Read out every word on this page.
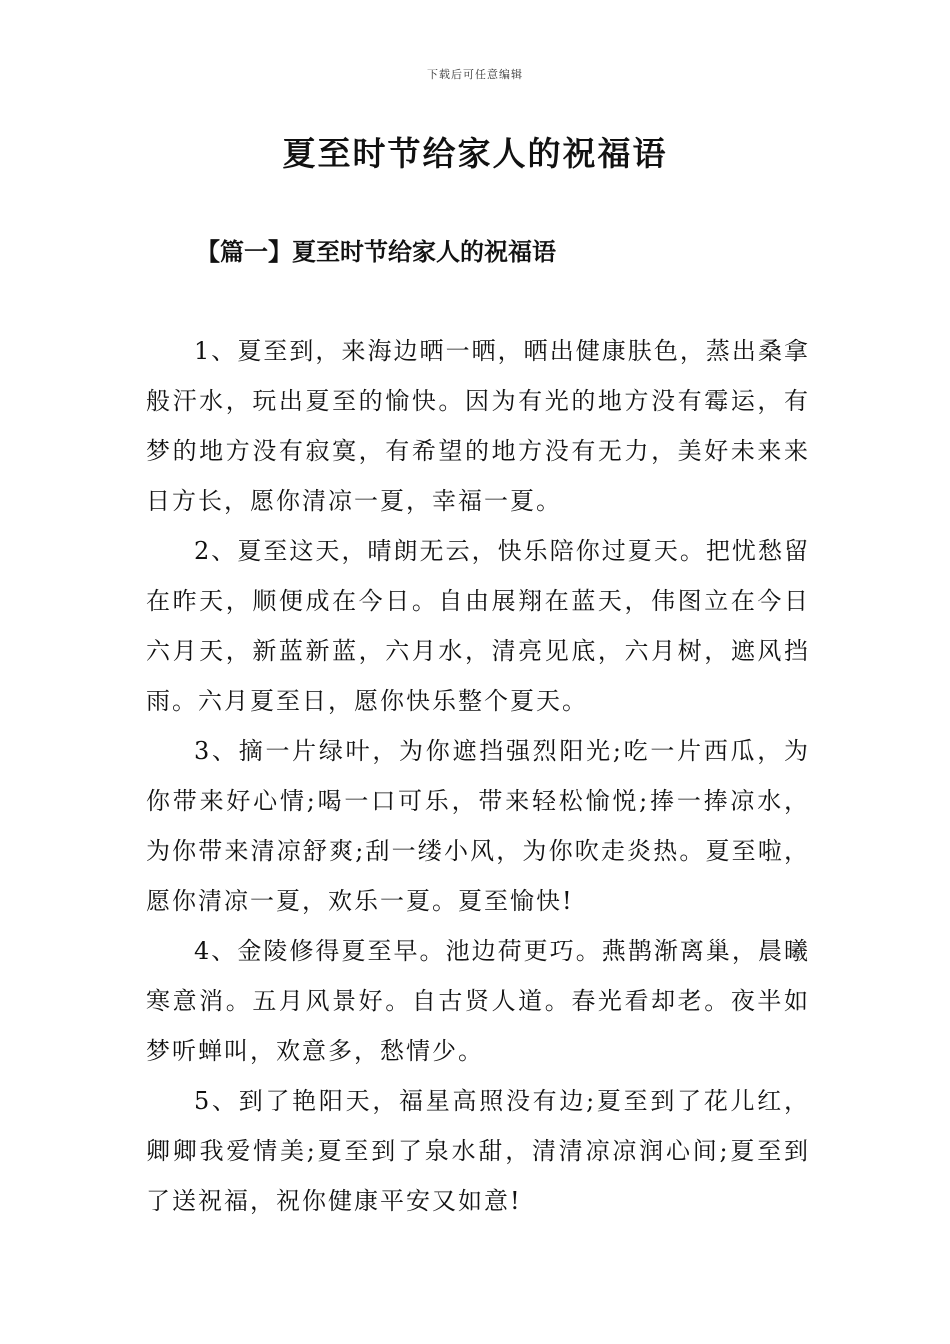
下载后可任意编辑
夏至时节给家人的祝福语
【篇一】夏至时节给家人的祝福语

1、夏至到，来海边晒一晒，晒出健康肤色，蒸出桑拿般汗水，玩出夏至的愉快。因为有光的地方没有霉运，有梦的地方没有寂寞，有希望的地方没有无力，美好未来来日方长，愿你清凉一夏，幸福一夏。

2、夏至这天，晴朗无云，快乐陪你过夏天。把忧愁留在昨天，顺便成在今日。自由展翔在蓝天，伟图立在今日六月天，新蓝新蓝，六月水，清亮见底，六月树，遮风挡雨。六月夏至日，愿你快乐整个夏天。

3、摘一片绿叶，为你遮挡强烈阳光;吃一片西瓜，为你带来好心情;喝一口可乐，带来轻松愉悦;捧一捧凉水，为你带来清凉舒爽;刮一缕小风，为你吹走炎热。夏至啦，愿你清凉一夏，欢乐一夏。夏至愉快!

4、金陵修得夏至早。池边荷更巧。燕鹊渐离巢，晨曦寒意消。五月风景好。自古贤人道。春光看却老。夜半如梦听蝉叫，欢意多，愁情少。

5、到了艳阳天，福星高照没有边;夏至到了花儿红，卿卿我爱情美;夏至到了泉水甜，清清凉凉润心间;夏至到了送祝福，祝你健康平安又如意!
